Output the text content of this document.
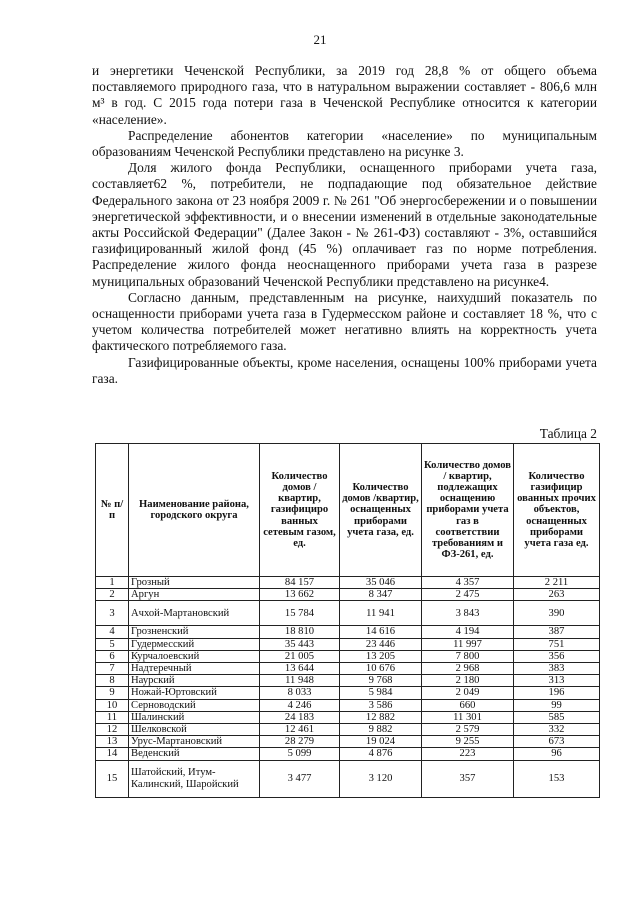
21

и энергетики Чеченской Республики, за 2019 год 28,8 % от общего объема поставляемого природного газа, что в натуральном выражении составляет - 806,6 млн м³ в год. С 2015 года потери газа в Чеченской Республике относится к категории «население».

Распределение абонентов категории «население» по муниципальным образованиям Чеченской Республики представлено на рисунке 3.

Доля жилого фонда Республики, оснащенного приборами учета газа, составляет62 %, потребители, не подпадающие под обязательное действие Федерального закона от 23 ноября 2009 г. № 261 "Об энергосбережении и о повышении энергетической эффективности, и о внесении изменений в отдельные законодательные акты Российской Федерации" (Далее Закон - № 261-ФЗ) составляют - 3%, оставшийся газифицированный жилой фонд (45 %) оплачивает газ по норме потребления. Распределение жилого фонда неоснащенного приборами учета газа в разрезе муниципальных образований Чеченской Республики представлено на рисунке4.

Согласно данным, представленным на рисунке, наихудший показатель по оснащенности приборами учета газа в Гудермесском районе и составляет 18 %, что с учетом количества потребителей может негативно влиять на корректность учета фактического потребляемого газа.

Газифицированные объекты, кроме населения, оснащены 100% приборами учета газа.

Таблица 2
№ п/п	Наименование района, городского округа	Количество домов /квартир, газифициро ванных сетевым газом, ед.	Количество домов /квартир, оснащенных приборами учета газа, ед.	Количество домов / квартир, подлежащих оснащению приборами учета газ в соответствии требованиям и ФЗ-261, ед.	Количество газифицир ованных прочих объектов, оснащенных приборами учета газа ед.
1	Грозный	84 157	35 046	4 357	2 211
2	Аргун	13 662	8 347	2 475	263
3	Ачхой-Мартановский	15 784	11 941	3 843	390
4	Грозненский	18 810	14 616	4 194	387
5	Гудермесский	35 443	23 446	11 997	751
6	Курчалоевский	21 005	13 205	7 800	356
7	Надтеречный	13 644	10 676	2 968	383
8	Наурский	11 948	9 768	2 180	313
9	Ножай-Юртовский	8 033	5 984	2 049	196
10	Серноводский	4 246	3 586	660	99
11	Шалинский	24 183	12 882	11 301	585
12	Шелковской	12 461	9 882	2 579	332
13	Урус-Мартановский	28 279	19 024	9 255	673
14	Веденский	5 099	4 876	223	96
15	Шатойский, Итум-Калинский, Шаройский	3 477	3 120	357	153
